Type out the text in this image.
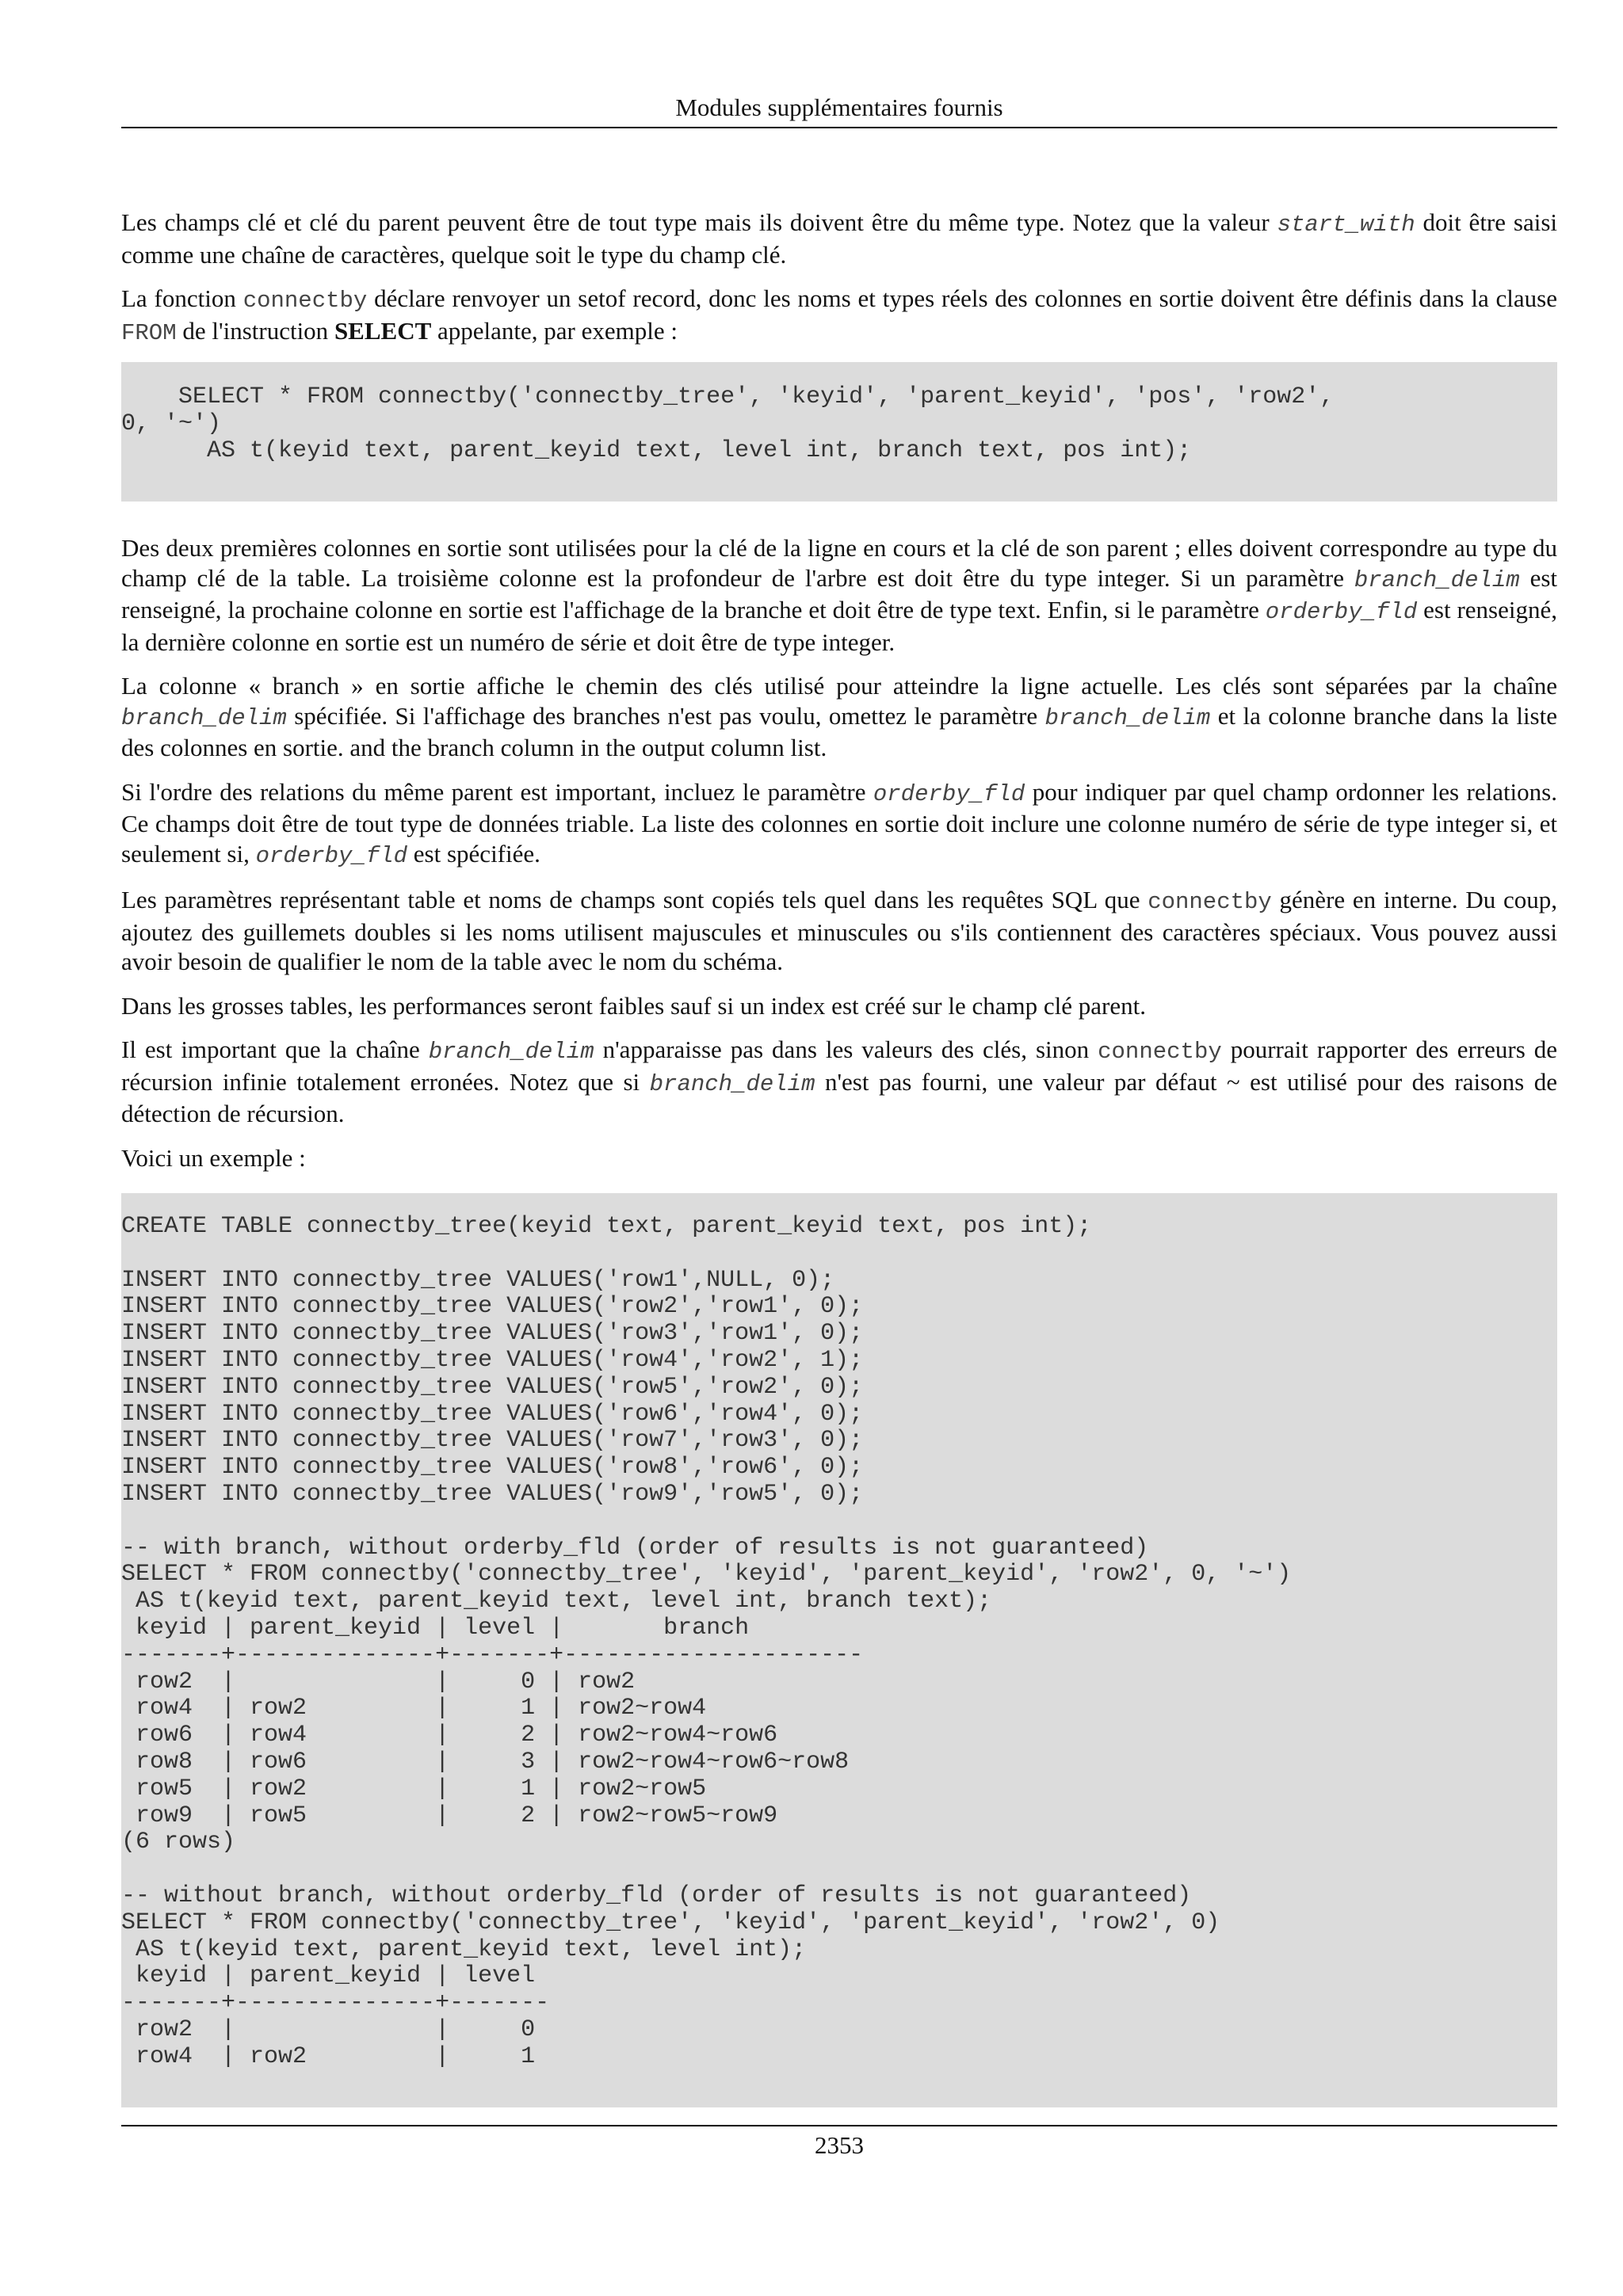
Modules supplémentaires fournis

Les champs clé et clé du parent peuvent être de tout type mais ils doivent être du même type. Notez que la valeur start_with doit être saisi comme une chaîne de caractères, quelque soit le type du champ clé.

La fonction connectby déclare renvoyer un setof record, donc les noms et types réels des colonnes en sortie doivent être définis dans la clause FROM de l'instruction SELECT appelante, par exemple :

SELECT * FROM connectby('connectby_tree', 'keyid', 'parent_keyid', 'pos', 'row2',
0, '~')
AS t(keyid text, parent_keyid text, level int, branch text, pos int);

Des deux premières colonnes en sortie sont utilisées pour la clé de la ligne en cours et la clé de son parent ; elles doivent correspondre au type du champ clé de la table. La troisième colonne est la profondeur de l'arbre est doit être du type integer. Si un paramètre branch_delim est renseigné, la prochaine colonne en sortie est l'affichage de la branche et doit être de type text. Enfin, si le paramètre orderby_fld est renseigné, la dernière colonne en sortie est un numéro de série et doit être de type integer.

La colonne « branch » en sortie affiche le chemin des clés utilisé pour atteindre la ligne actuelle. Les clés sont séparées par la chaîne branch_delim spécifiée. Si l'affichage des branches n'est pas voulu, omettez le paramètre branch_delim et la colonne branche dans la liste des colonnes en sortie. and the branch column in the output column list.

Si l'ordre des relations du même parent est important, incluez le paramètre orderby_fld pour indiquer par quel champ ordonner les relations. Ce champs doit être de tout type de données triable. La liste des colonnes en sortie doit inclure une colonne numéro de série de type integer si, et seulement si, orderby_fld est spécifiée.

Les paramètres représentant table et noms de champs sont copiés tels quel dans les requêtes SQL que connectby génère en interne. Du coup, ajoutez des guillemets doubles si les noms utilisent majuscules et minuscules ou s'ils contiennent des caractères spéciaux. Vous pouvez aussi avoir besoin de qualifier le nom de la table avec le nom du schéma.

Dans les grosses tables, les performances seront faibles sauf si un index est créé sur le champ clé parent.

Il est important que la chaîne branch_delim n'apparaisse pas dans les valeurs des clés, sinon connectby pourrait rapporter des erreurs de récursion infinie totalement erronées. Notez que si branch_delim n'est pas fourni, une valeur par défaut ~ est utilisé pour des raisons de détection de récursion.

Voici un exemple :

CREATE TABLE connectby_tree(keyid text, parent_keyid text, pos int);

INSERT INTO connectby_tree VALUES('row1',NULL, 0);
INSERT INTO connectby_tree VALUES('row2','row1', 0);
INSERT INTO connectby_tree VALUES('row3','row1', 0);
INSERT INTO connectby_tree VALUES('row4','row2', 1);
INSERT INTO connectby_tree VALUES('row5','row2', 0);
INSERT INTO connectby_tree VALUES('row6','row4', 0);
INSERT INTO connectby_tree VALUES('row7','row3', 0);
INSERT INTO connectby_tree VALUES('row8','row6', 0);
INSERT INTO connectby_tree VALUES('row9','row5', 0);

-- with branch, without orderby_fld (order of results is not guaranteed)
SELECT * FROM connectby('connectby_tree', 'keyid', 'parent_keyid', 'row2', 0, '~')
AS t(keyid text, parent_keyid text, level int, branch text);
keyid | parent_keyid | level |       branch
-------+--------------+-------+---------------------
row2  |              |     0 | row2
row4  | row2         |     1 | row2~row4
row6  | row4         |     2 | row2~row4~row6
row8  | row6         |     3 | row2~row4~row6~row8
row5  | row2         |     1 | row2~row5
row9  | row5         |     2 | row2~row5~row9
(6 rows)

-- without branch, without orderby_fld (order of results is not guaranteed)
SELECT * FROM connectby('connectby_tree', 'keyid', 'parent_keyid', 'row2', 0)
AS t(keyid text, parent_keyid text, level int);
keyid | parent_keyid | level
-------+--------------+-------
row2  |              |     0
row4  | row2         |     1
2353
